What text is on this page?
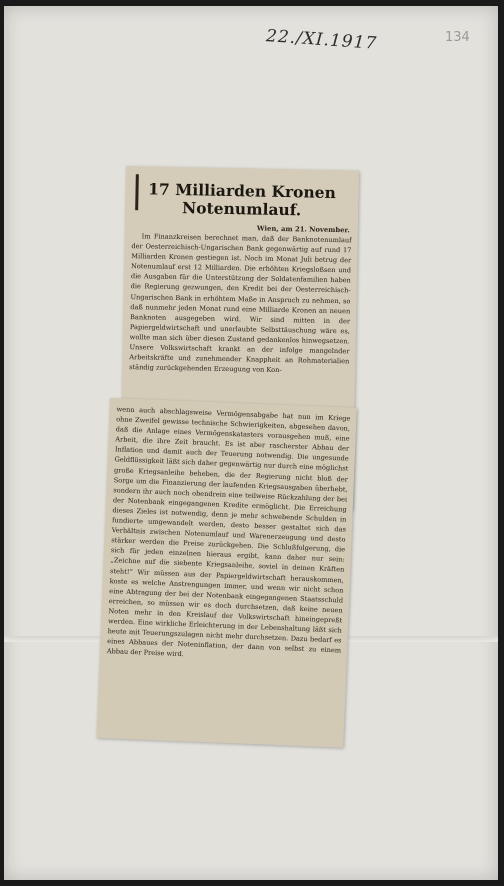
22./XI.1917	134
17 Milliarden Kronen Notenumlauf.
Wien, am 21. November.
Im Finanzkreisen berechnet man, daß der Banknotenumlauf der Oesterreichisch-Ungarischen Bank gegenwärtig auf rund 17 Milliarden Kronen gestiegen ist. Noch im Monat Juli betrug der Notenumlauf erst 12 Milliarden. Die erhöhten Kriegsloßsen und die Ausgaben für die Unterstützung der Soldatenfamilien haben die Regierung gezwungen, den Kredit bei der Oesterreichisch-Ungarischen Bank in erhöhtem Maße in Anspruch zu nehmen, so daß nunmehr jeden Monat rund eine Milliarde Kronen an neuen Banknoten ausgegeben wird. Wir sind mitten in der Papiergeldwirtschaft und unerlaubte Selbsttäuschung wäre es, wollte man sich über diesen Zustand gedankenlos hinwegsetzen. Unsere Volkswirtschaft krankt an der infolge mangelnder Arbeitskräfte und zunehmender Knappheit an Rohmaterialien ständig zurückgehenden Erzeugung von Kon-
wenn auch abschlagsweise Vermögensabgabe hat nun im Kriege ohne Zweifel gewisse technische Schwierigkeiten, abgesehen davon, daß die Anlage eines Vermögenskatasters vorausgehen muß, eine Arbeit, die ihre Zeit braucht. Es ist aber rascherster Abbau der Inflation und damit auch der Teuerung notwendig. Die ungesunde Geldflüssigkeit läßt sich daher gegenwärtig nur durch eine möglichst große Kriegsanleihe beheben, die der Regierung nicht bloß der Sorge um die Finanzierung der laufenden Kriegsausgaben überhebt, sondern ihr auch noch obendrein eine teilweise Rückzahlung der bei der Notenbank eingegangenen Kredite ermöglicht. Die Erreichung dieses Zieles ist notwendig, denn je mehr schwebende Schulden in fundierte umgewandelt werden, desto besser gestaltet sich das Verhältnis zwischen Notenumlauf und Warenerzeugung und desto stärker werden die Preise zurückgehen. Die Schlußfolgerung, die sich für jeden einzelnen hieraus ergibt, kann daher nur sein: „Zeichne auf die siebente Kriegsanleihe, soviel in deinen Kräften steht!“ Wir müssen aus der Papiergeldwirtschaft herauskommen, koste es welche Anstrengungen immer, und wenn wir nicht schon eine Abtragung der bei der Notenbank eingegangenen Staatsschuld erreichen, so müssen wir es doch durchsetzen, daß keine neuen Noten mehr in den Kreislauf der Volkswirtschaft hineingepreßt werden. Eine wirkliche Erleichterung in der Lebenshaltung läßt sich heute mit Teuerungszulagen nicht mehr durchsetzen. Dazu bedarf es eines Abbaues der Noteninflation, der dann von selbst zu einem Abbau der Preise wird.
